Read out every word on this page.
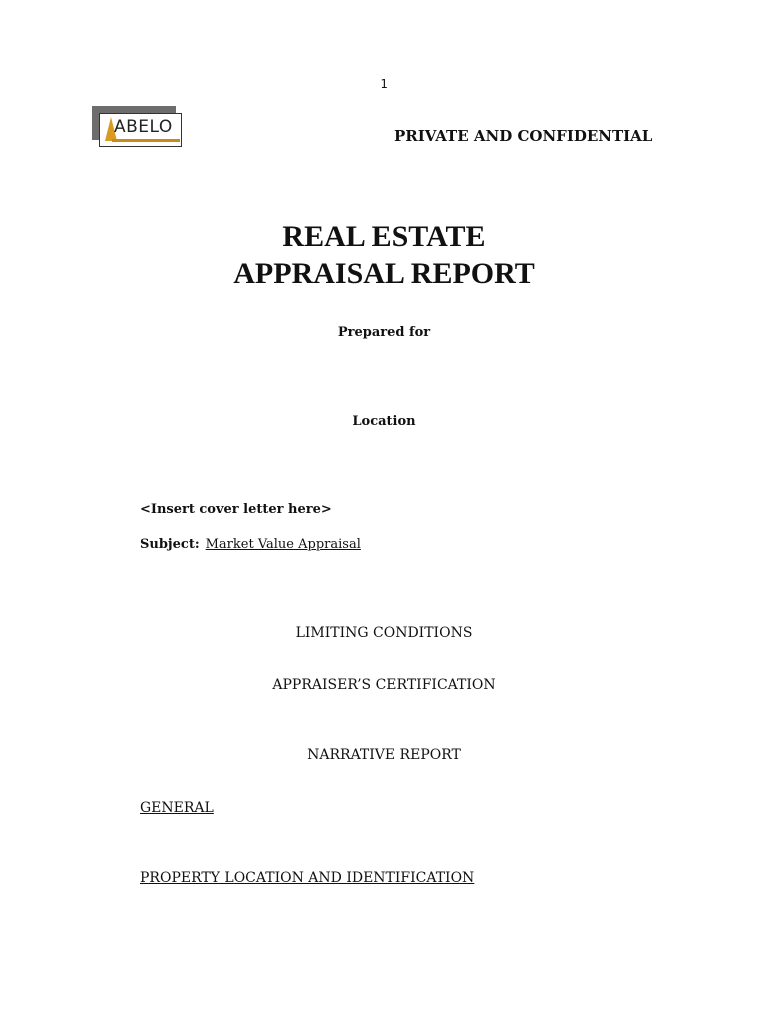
1
ABELO	PRIVATE AND CONFIDENTIAL
REAL ESTATE
APPRAISAL REPORT
Prepared for
Location
<Insert cover letter here>
Subject: Market Value Appraisal
LIMITING CONDITIONS
APPRAISER’S CERTIFICATION
NARRATIVE REPORT
GENERAL
PROPERTY LOCATION AND IDENTIFICATION
